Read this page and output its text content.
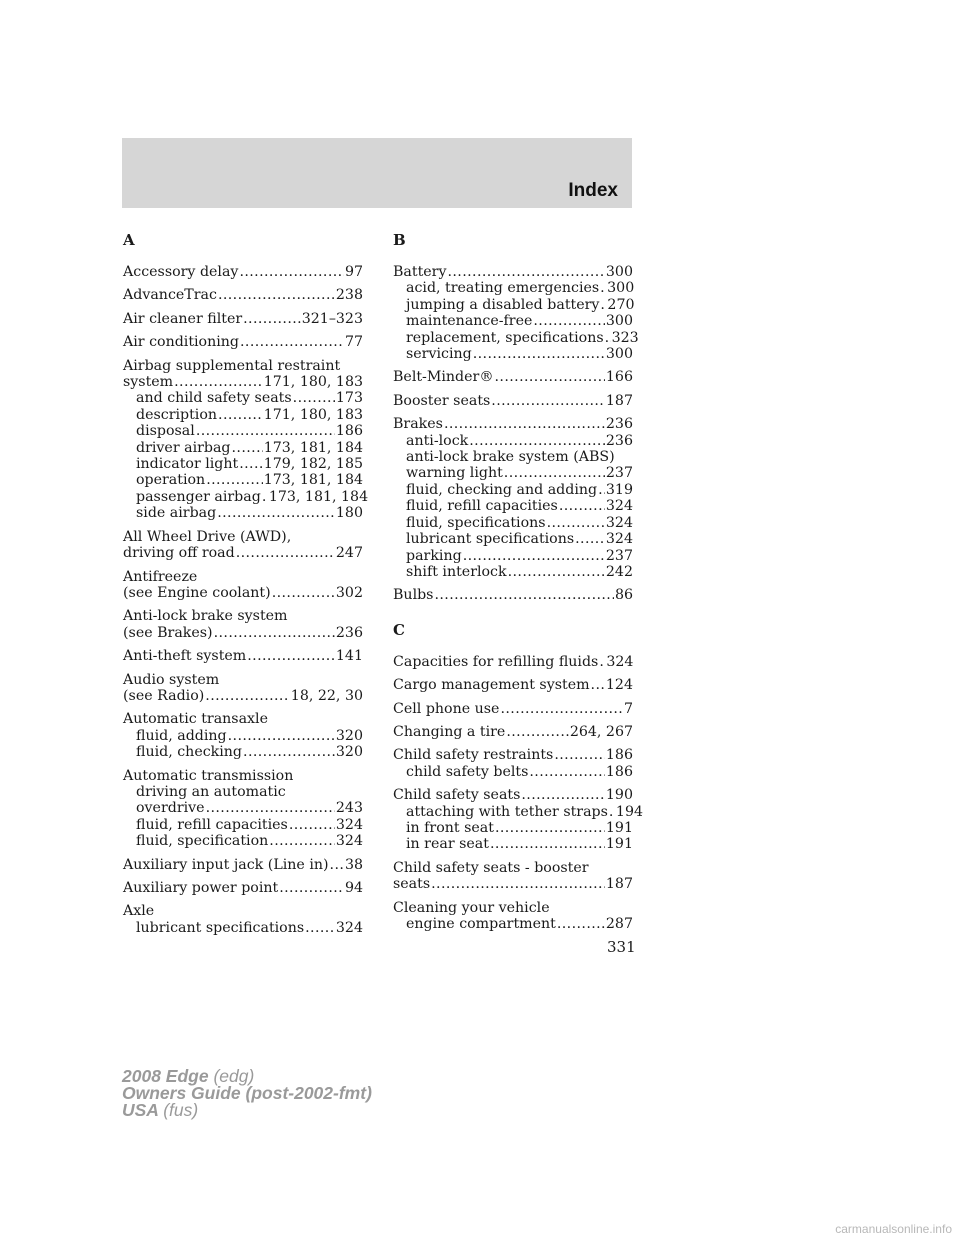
Index
A
Accessory delay .....	97
AdvanceTrac .....	238
Air cleaner filter .....	321–323
Air conditioning .....	77
Airbag supplemental restraint
system .....	171, 180, 183
and child safety seats .....	173
description .....	171, 180, 183
disposal .....	186
driver airbag ..... 173, 181, 184
indicator light ..... 179, 182, 185
operation .....	173, 181, 184
passenger airbag ..... 173, 181, 184
side airbag .....	180
All Wheel Drive (AWD),
driving off road .....	247
Antifreeze
(see Engine coolant) .....	302
Anti-lock brake system
(see Brakes) .....	236
Anti-theft system .....	141
Audio system
(see Radio) .....	18, 22, 30
Automatic transaxle
fluid, adding .....	320
fluid, checking .....	320
Automatic transmission
driving an automatic
overdrive .....	243
fluid, refill capacities .....	324
fluid, specification .....	324
Auxiliary input jack (Line in) ..... 38
Auxiliary power point .....	94
Axle
lubricant specifications ..... 324
B
Battery .....	300
acid, treating emergencies ..... 300
jumping a disabled battery ..... 270
maintenance-free .....	300
replacement, specifications ..... 323
servicing .....	300
Belt-Minder® .....	166
Booster seats .....	187
Brakes .....	236
anti-lock .....	236
anti-lock brake system (ABS)
warning light .....	237
fluid, checking and adding ..... 319
fluid, refill capacities .....	324
fluid, specifications .....	324
lubricant specifications ..... 324
parking .....	237
shift interlock .....	242
Bulbs .....	86
C
Capacities for refilling fluids ..... 324
Cargo management system ..... 124
Cell phone use .....	7
Changing a tire .....	264, 267
Child safety restraints .....	186
child safety belts .....	186
Child safety seats .....	190
attaching with tether straps ..... 194
in front seat .....	191
in rear seat .....	191
Child safety seats - booster
seats .....	187
Cleaning your vehicle
engine compartment .....	287
331
2008 Edge (edg)
Owners Guide (post-2002-fmt)
USA (fus)
carmanualsonline.info
